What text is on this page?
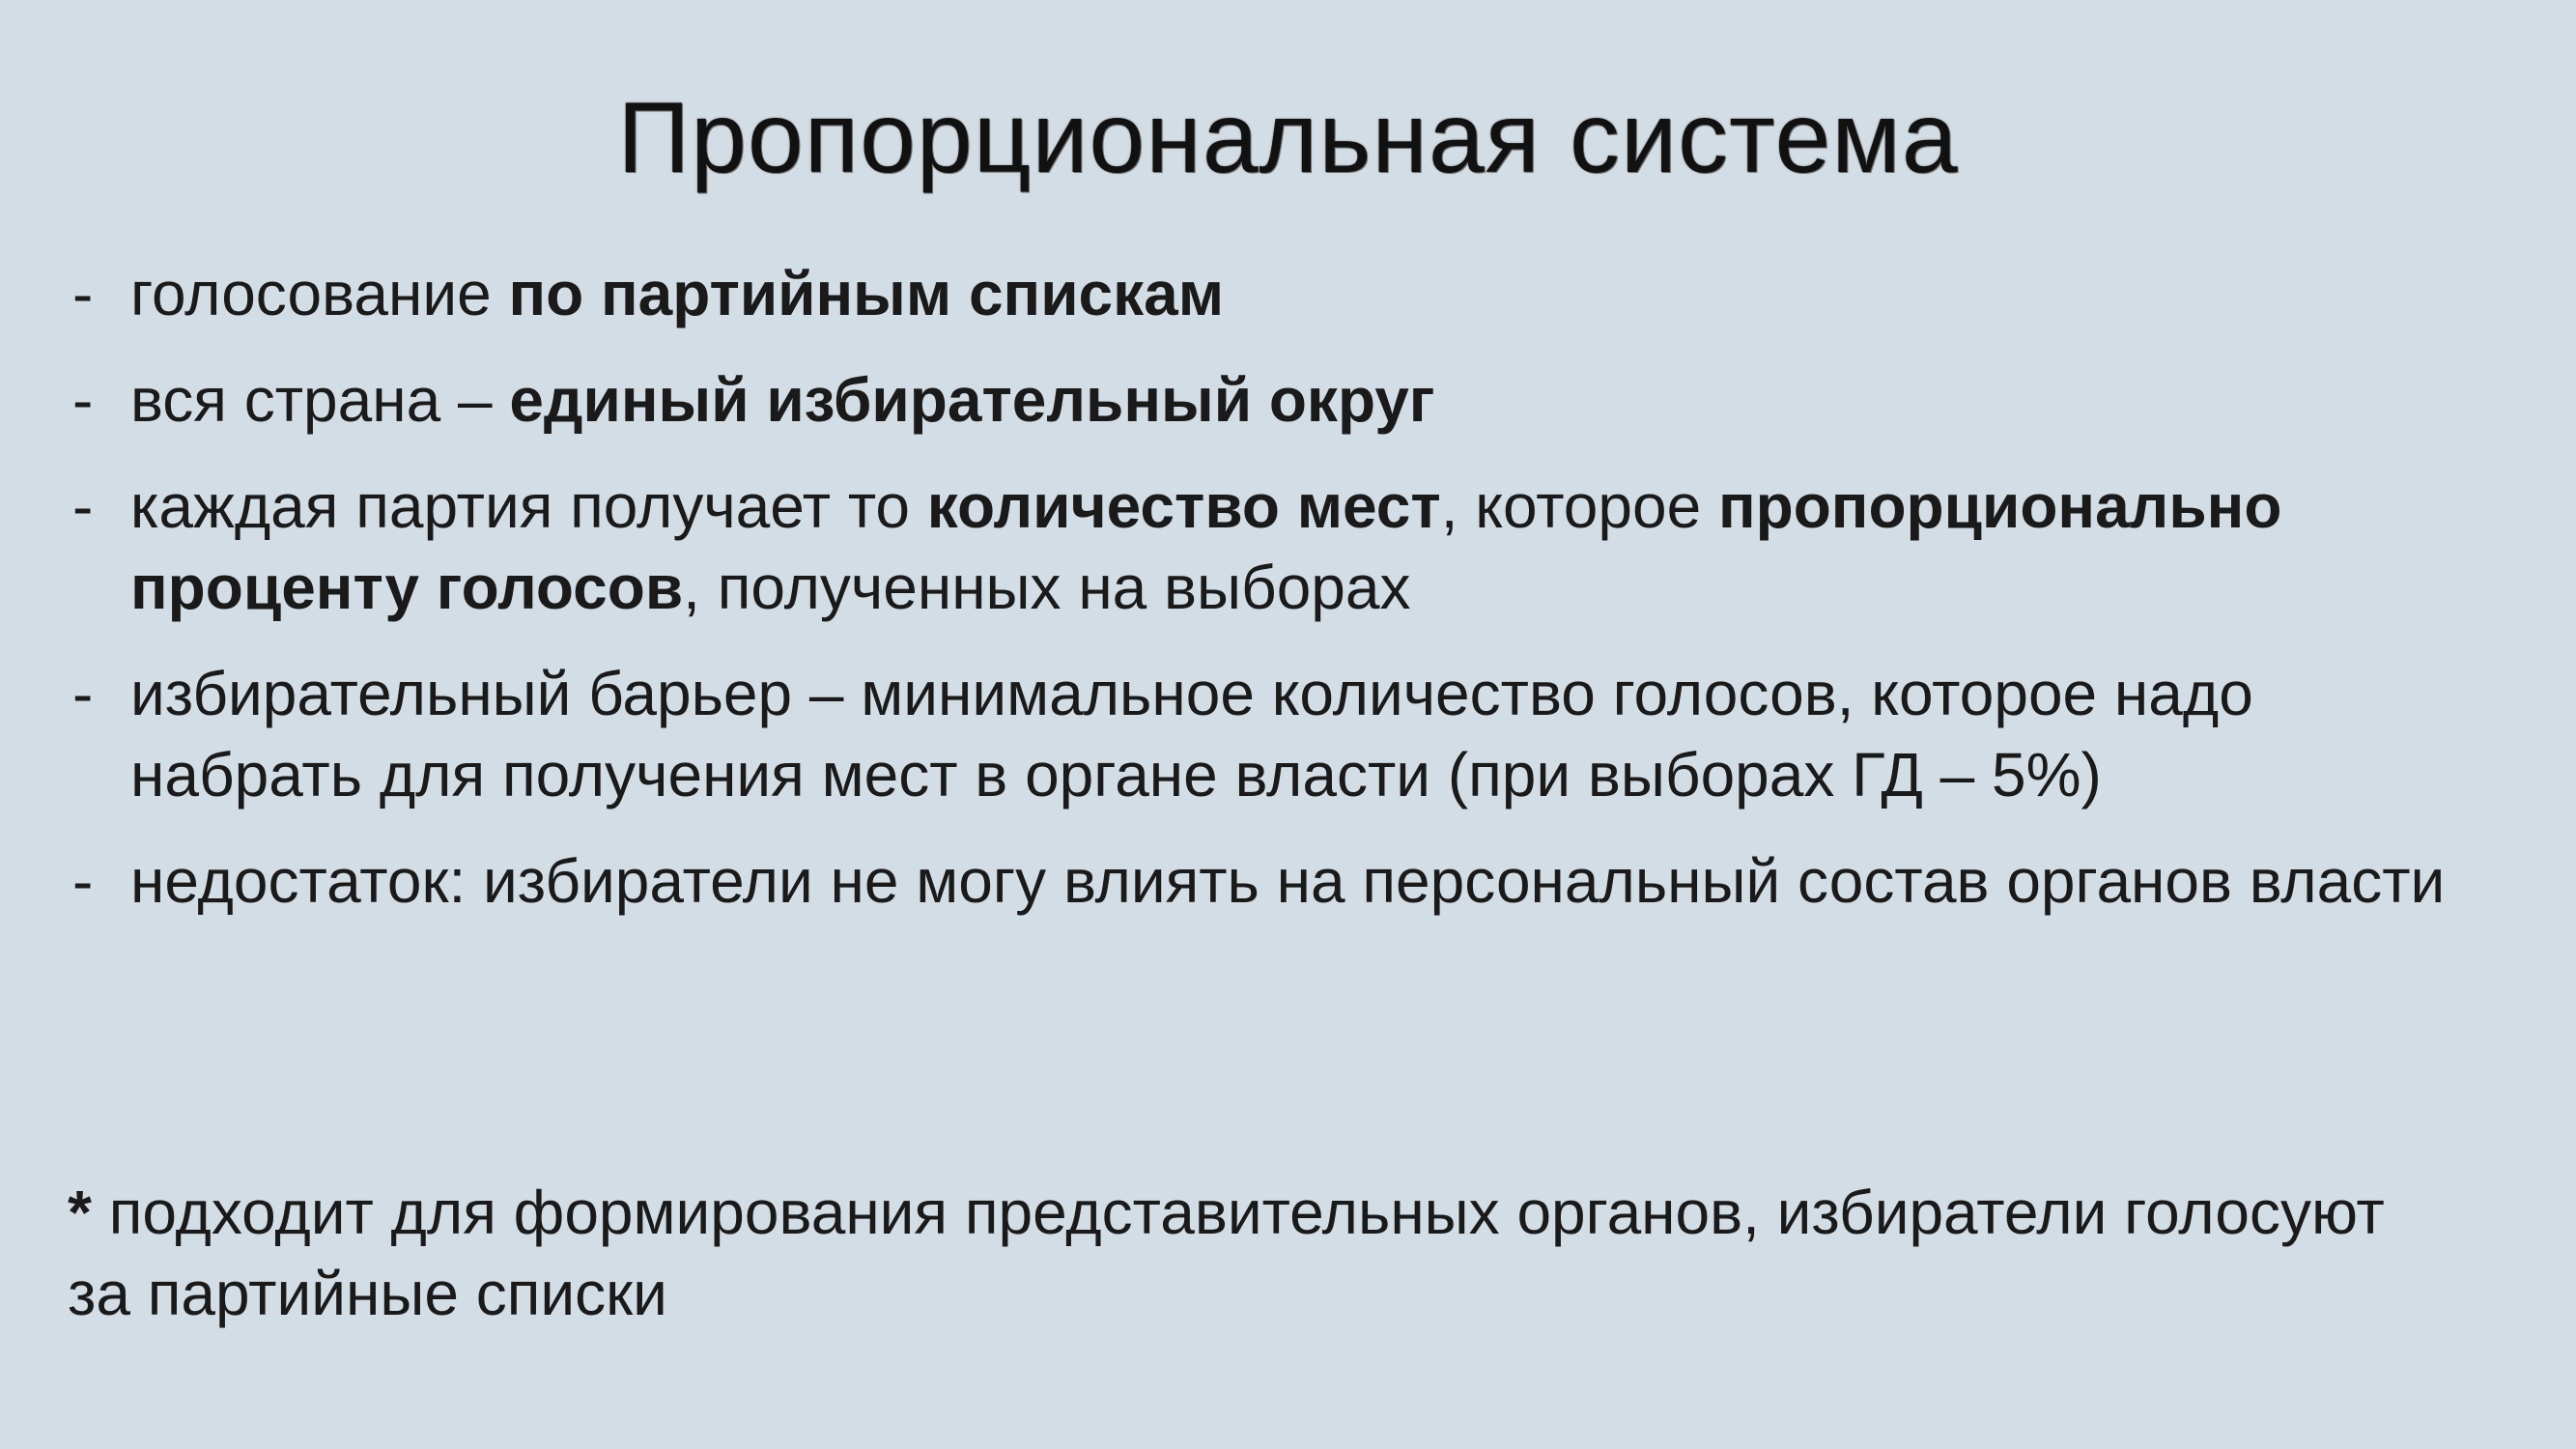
Пропорциональная система
- голосование по партийным спискам
- вся страна – единый избирательный округ
- каждая партия получает то количество мест, которое пропорционально проценту голосов, полученных на выборах
- избирательный барьер – минимальное количество голосов, которое надо набрать для получения мест в органе власти (при выборах ГД – 5%)
- недостаток: избиратели не могу влиять на персональный состав органов власти
* подходит для формирования представительных органов, избиратели голосуют за партийные списки
